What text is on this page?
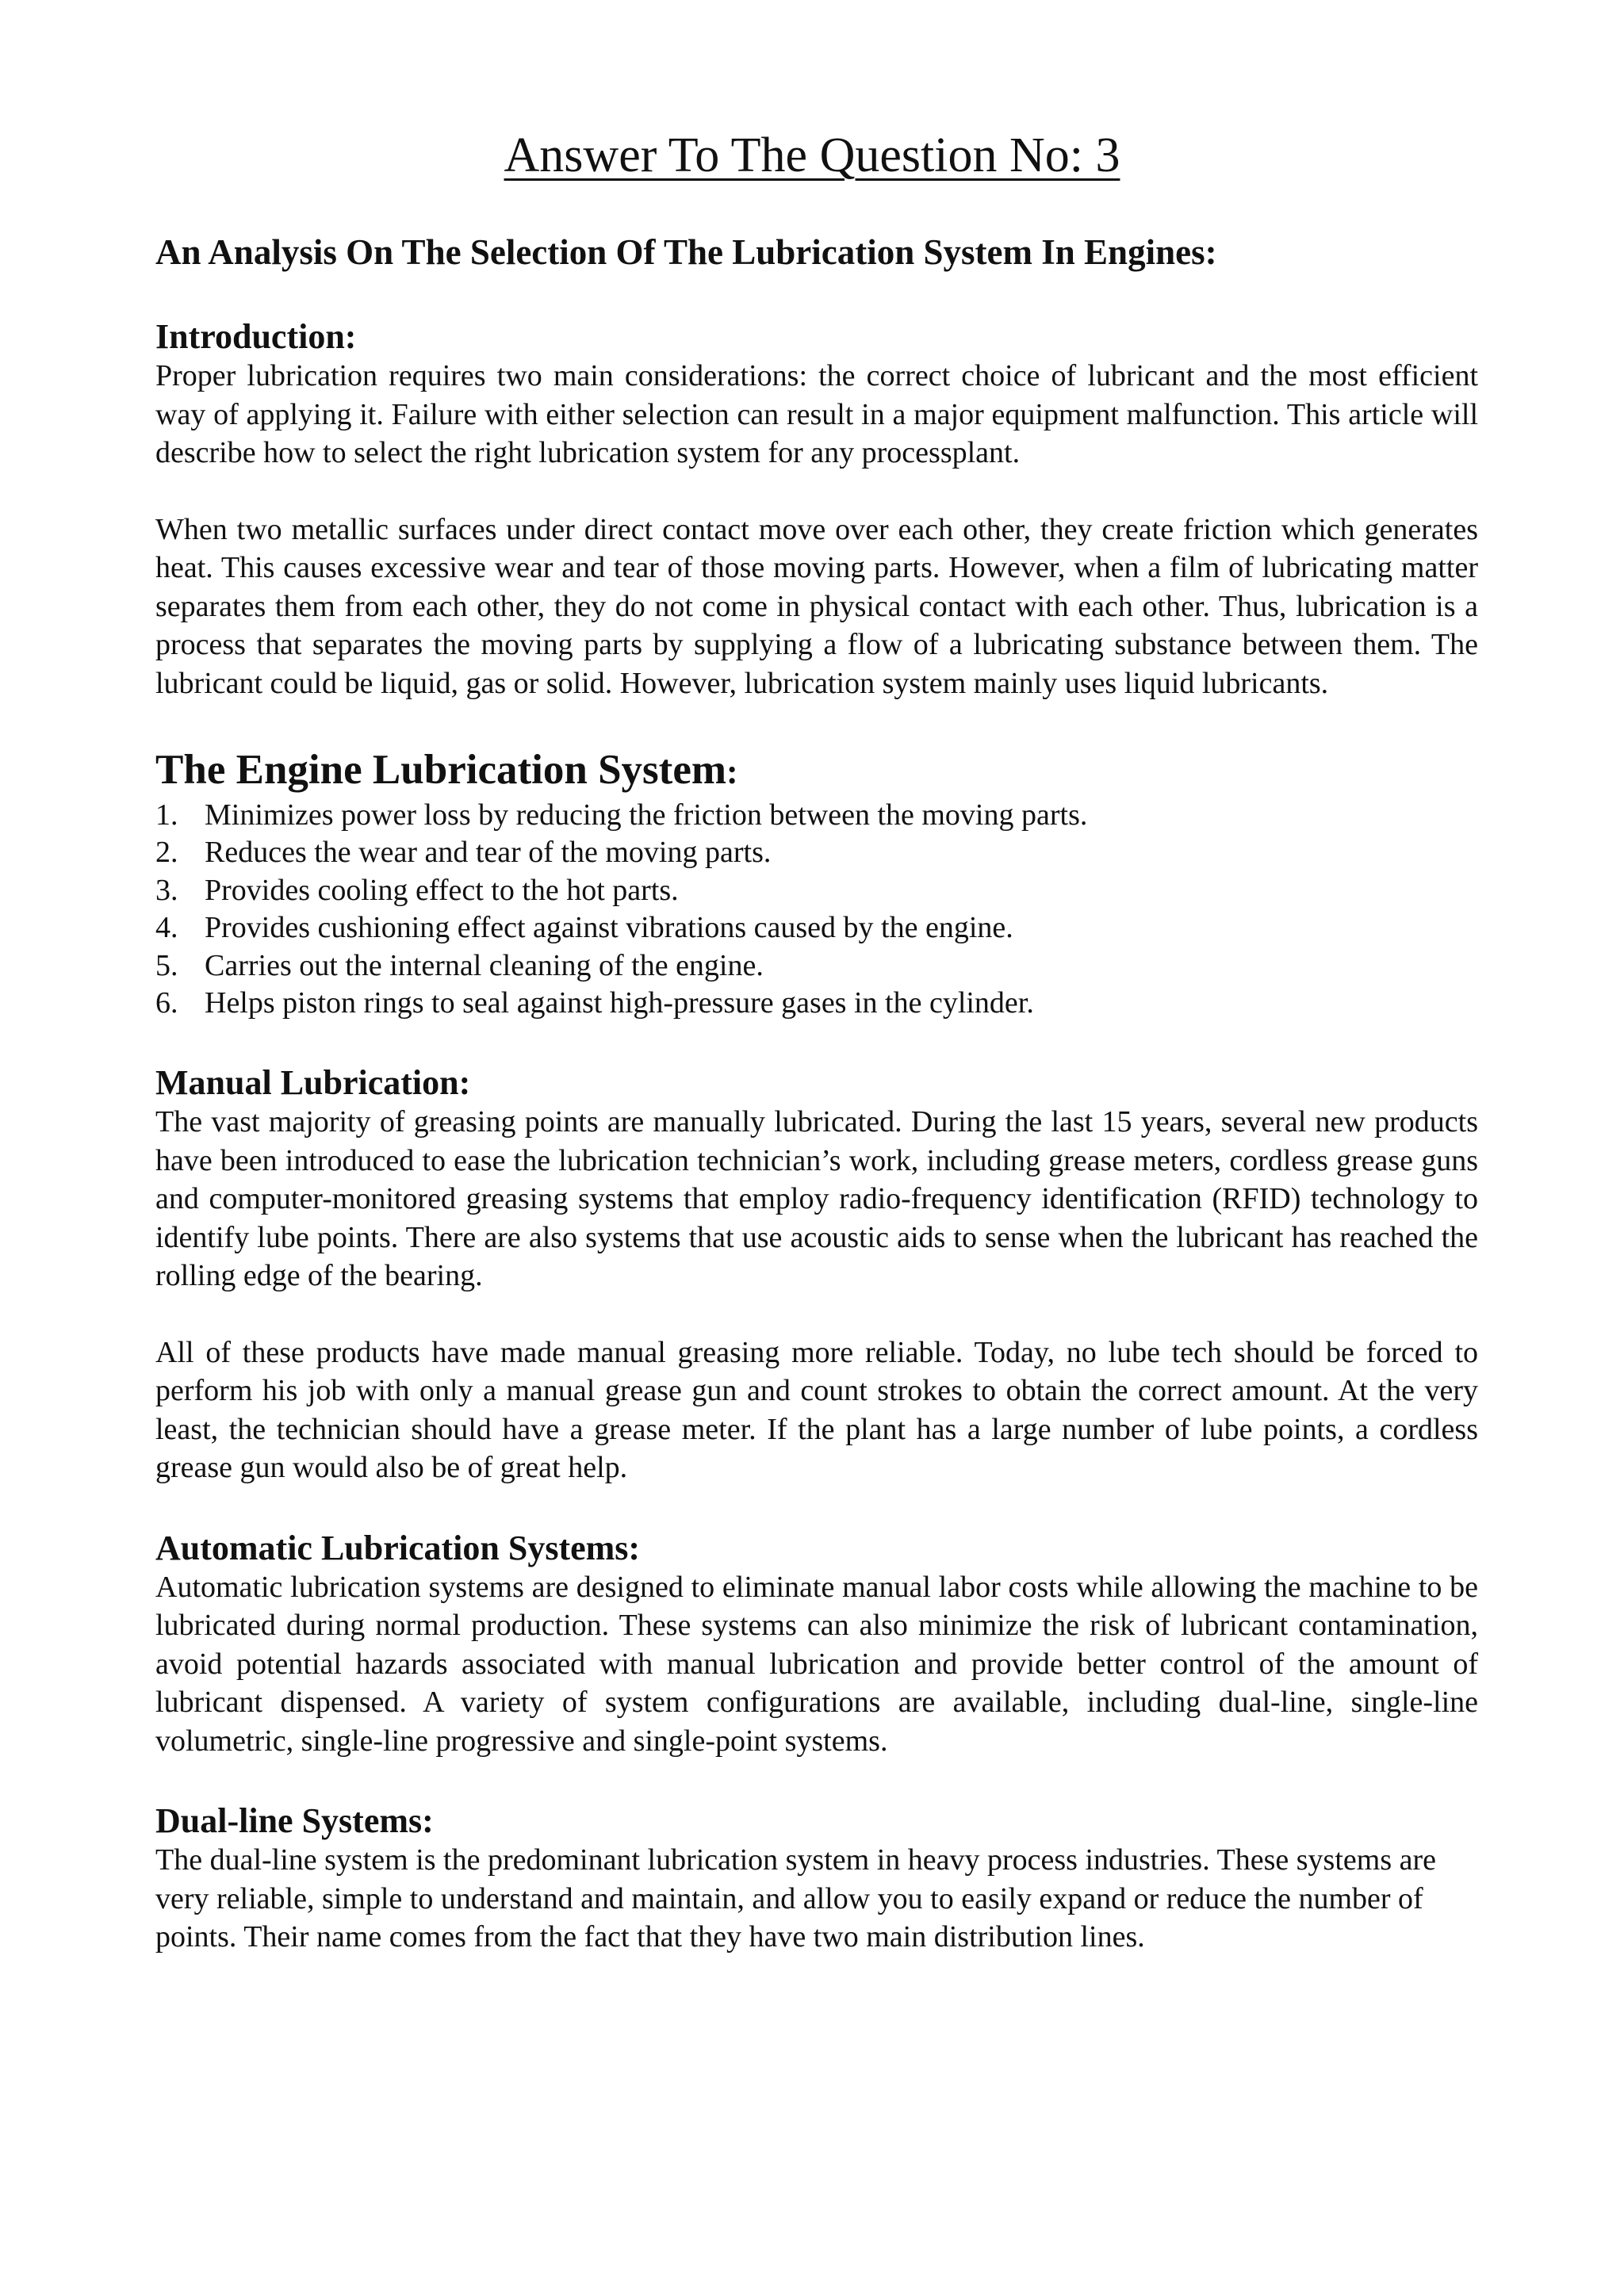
Answer To The Question No: 3
An Analysis On The Selection Of The Lubrication System In Engines:
Introduction:

Proper lubrication requires two main considerations: the correct choice of lubricant and the most efficient way of applying it. Failure with either selection can result in a major equipment malfunction. This article will describe how to select the right lubrication system for any processplant.

When two metallic surfaces under direct contact move over each other, they create friction which generates heat. This causes excessive wear and tear of those moving parts. However, when a film of lubricating matter separates them from each other, they do not come in physical contact with each other. Thus, lubrication is a process that separates the moving parts by supplying a flow of a lubricating substance between them. The lubricant could be liquid, gas or solid. However, lubrication system mainly uses liquid lubricants.

The Engine Lubrication System:
1. Minimizes power loss by reducing the friction between the moving parts.
2. Reduces the wear and tear of the moving parts.
3. Provides cooling effect to the hot parts.
4. Provides cushioning effect against vibrations caused by the engine.
5. Carries out the internal cleaning of the engine.
6. Helps piston rings to seal against high-pressure gases in the cylinder.
Manual Lubrication:

The vast majority of greasing points are manually lubricated. During the last 15 years, several new products have been introduced to ease the lubrication technician’s work, including grease meters, cordless grease guns and computer-monitored greasing systems that employ radio-frequency identification (RFID) technology to identify lube points. There are also systems that use acoustic aids to sense when the lubricant has reached the rolling edge of the bearing.

All of these products have made manual greasing more reliable. Today, no lube tech should be forced to perform his job with only a manual grease gun and count strokes to obtain the correct amount. At the very least, the technician should have a grease meter. If the plant has a large number of lube points, a cordless grease gun would also be of great help.

Automatic Lubrication Systems:

Automatic lubrication systems are designed to eliminate manual labor costs while allowing the machine to be lubricated during normal production. These systems can also minimize the risk of lubricant contamination, avoid potential hazards associated with manual lubrication and provide better control of the amount of lubricant dispensed. A variety of system configurations are available, including dual-line, single-line volumetric, single-line progressive and single-point systems.

Dual-line Systems:

The dual-line system is the predominant lubrication system in heavy process industries. These systems are very reliable, simple to understand and maintain, and allow you to easily expand or reduce the number of points. Their name comes from the fact that they have two main distribution lines.
